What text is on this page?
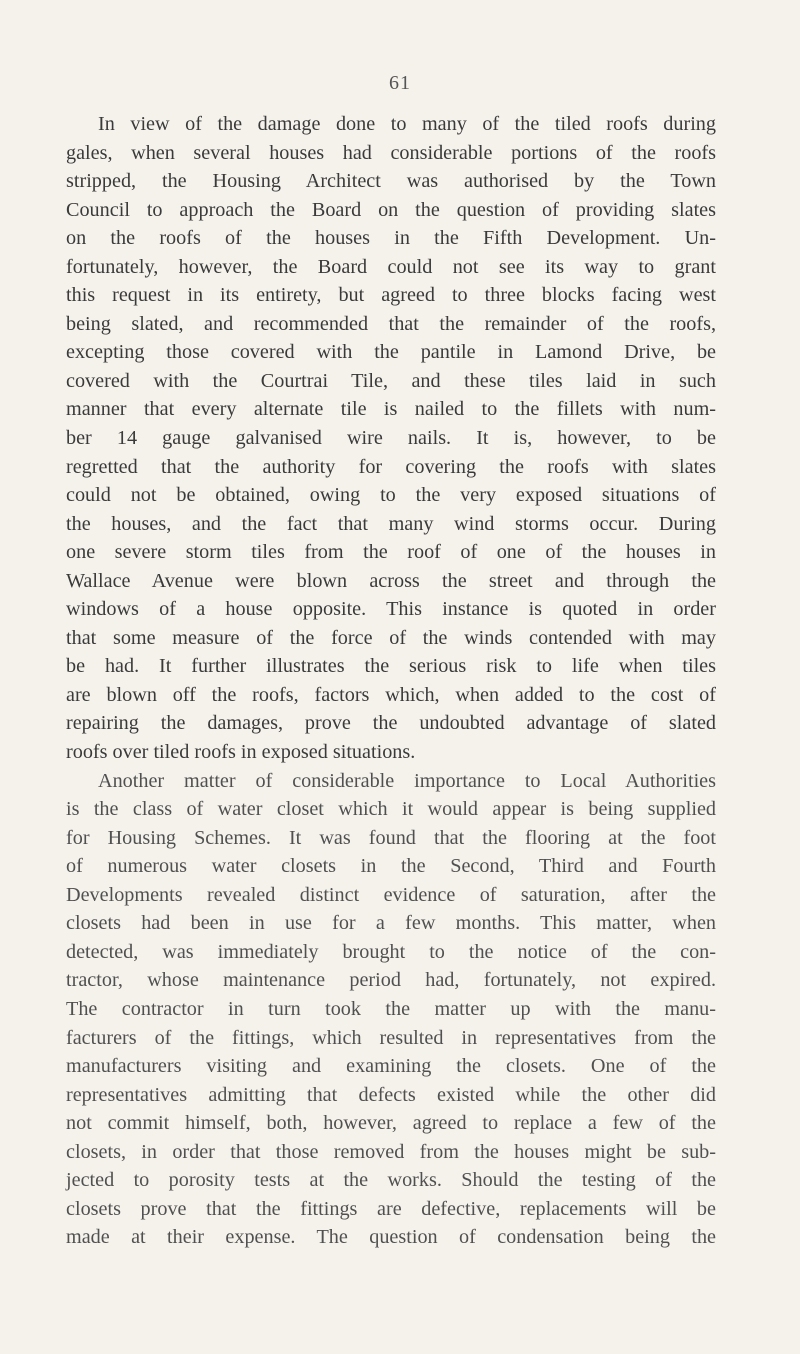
61
In view of the damage done to many of the tiled roofs during
gales, when several houses had considerable portions of the roofs
stripped, the Housing Architect was authorised by the Town
Council to approach the Board on the question of providing slates
on the roofs of the houses in the Fifth Development. Un-
fortunately, however, the Board could not see its way to grant
this request in its entirety, but agreed to three blocks facing west
being slated, and recommended that the remainder of the roofs,
excepting those covered with the pantile in Lamond Drive, be
covered with the Courtrai Tile, and these tiles laid in such
manner that every alternate tile is nailed to the fillets with num-
ber 14 gauge galvanised wire nails. It is, however, to be
regretted that the authority for covering the roofs with slates
could not be obtained, owing to the very exposed situations of
the houses, and the fact that many wind storms occur. During
one severe storm tiles from the roof of one of the houses in
Wallace Avenue were blown across the street and through the
windows of a house opposite. This instance is quoted in order
that some measure of the force of the winds contended with may
be had. It further illustrates the serious risk to life when tiles
are blown off the roofs, factors which, when added to the cost of
repairing the damages, prove the undoubted advantage of slated
roofs over tiled roofs in exposed situations.
Another matter of considerable importance to Local Authorities
is the class of water closet which it would appear is being supplied
for Housing Schemes. It was found that the flooring at the foot
of numerous water closets in the Second, Third and Fourth
Developments revealed distinct evidence of saturation, after the
closets had been in use for a few months. This matter, when
detected, was immediately brought to the notice of the con-
tractor, whose maintenance period had, fortunately, not expired.
The contractor in turn took the matter up with the manu-
facturers of the fittings, which resulted in representatives from the
manufacturers visiting and examining the closets. One of the
representatives admitting that defects existed while the other did
not commit himself, both, however, agreed to replace a few of the
closets, in order that those removed from the houses might be sub-
jected to porosity tests at the works. Should the testing of the
closets prove that the fittings are defective, replacements will be
made at their expense. The question of condensation being the
